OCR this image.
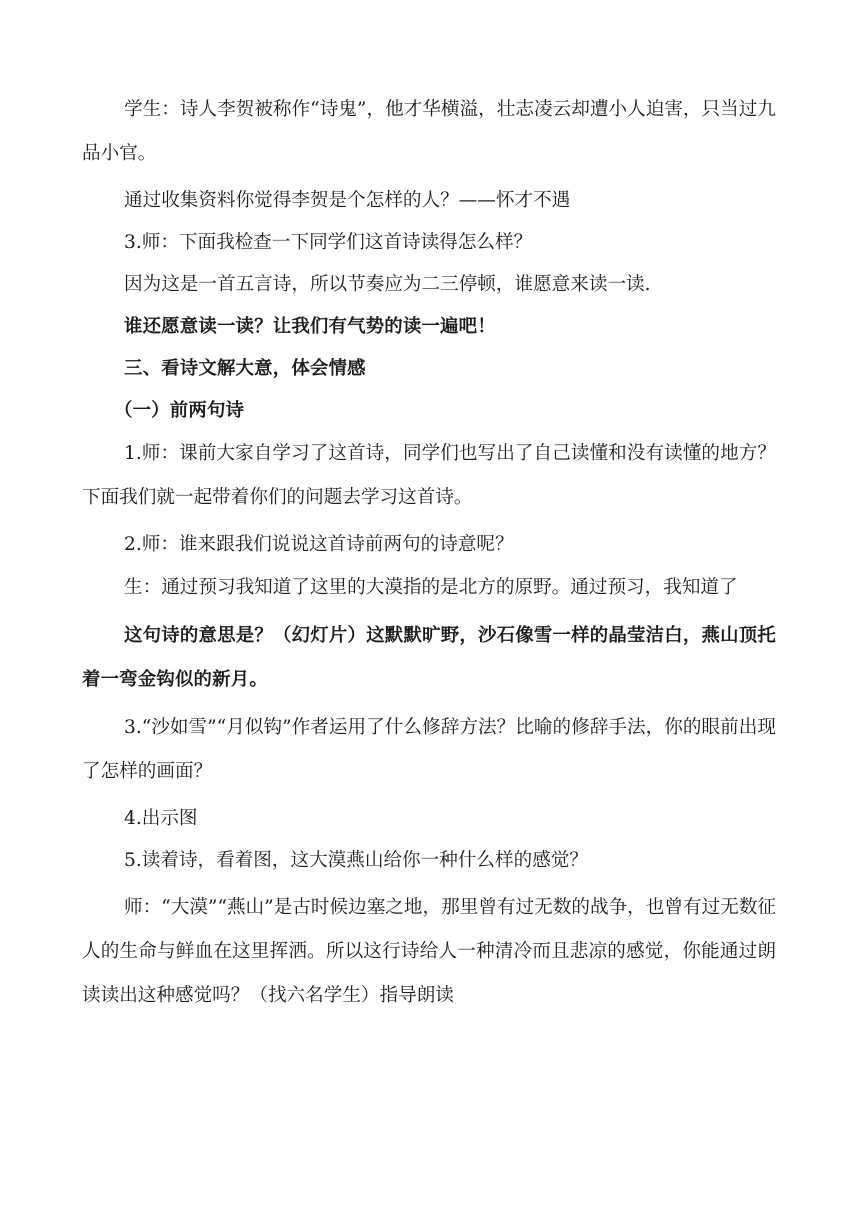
学生：诗人李贺被称作“诗鬼”，他才华横溢，壮志凌云却遭小人迫害，只当过九品小官。

通过收集资料你觉得李贺是个怎样的人？——怀才不遇

3.师：下面我检查一下同学们这首诗读得怎么样？

因为这是一首五言诗，所以节奏应为二三停顿，谁愿意来读一读.

谁还愿意读一读？让我们有气势的读一遍吧！

三、看诗文解大意，体会情感

（一）前两句诗

1.师：课前大家自学习了这首诗，同学们也写出了自己读懂和没有读懂的地方？下面我们就一起带着你们的问题去学习这首诗。

2.师：谁来跟我们说说这首诗前两句的诗意呢？

生：通过预习我知道了这里的大漠指的是北方的原野。通过预习，我知道了

这句诗的意思是？（幻灯片）这默默旷野，沙石像雪一样的晶莹洁白，燕山顶托着一弯金钩似的新月。

3.“沙如雪”“月似钩”作者运用了什么修辞方法？比喻的修辞手法，你的眼前出现了怎样的画面？

4.出示图

5.读着诗，看着图，这大漠燕山给你一种什么样的感觉？

师：“大漠”“燕山”是古时候边塞之地，那里曾有过无数的战争，也曾有过无数征人的生命与鲜血在这里挥洒。所以这行诗给人一种清冷而且悲凉的感觉，你能通过朗读读出这种感觉吗？（找六名学生）指导朗读
